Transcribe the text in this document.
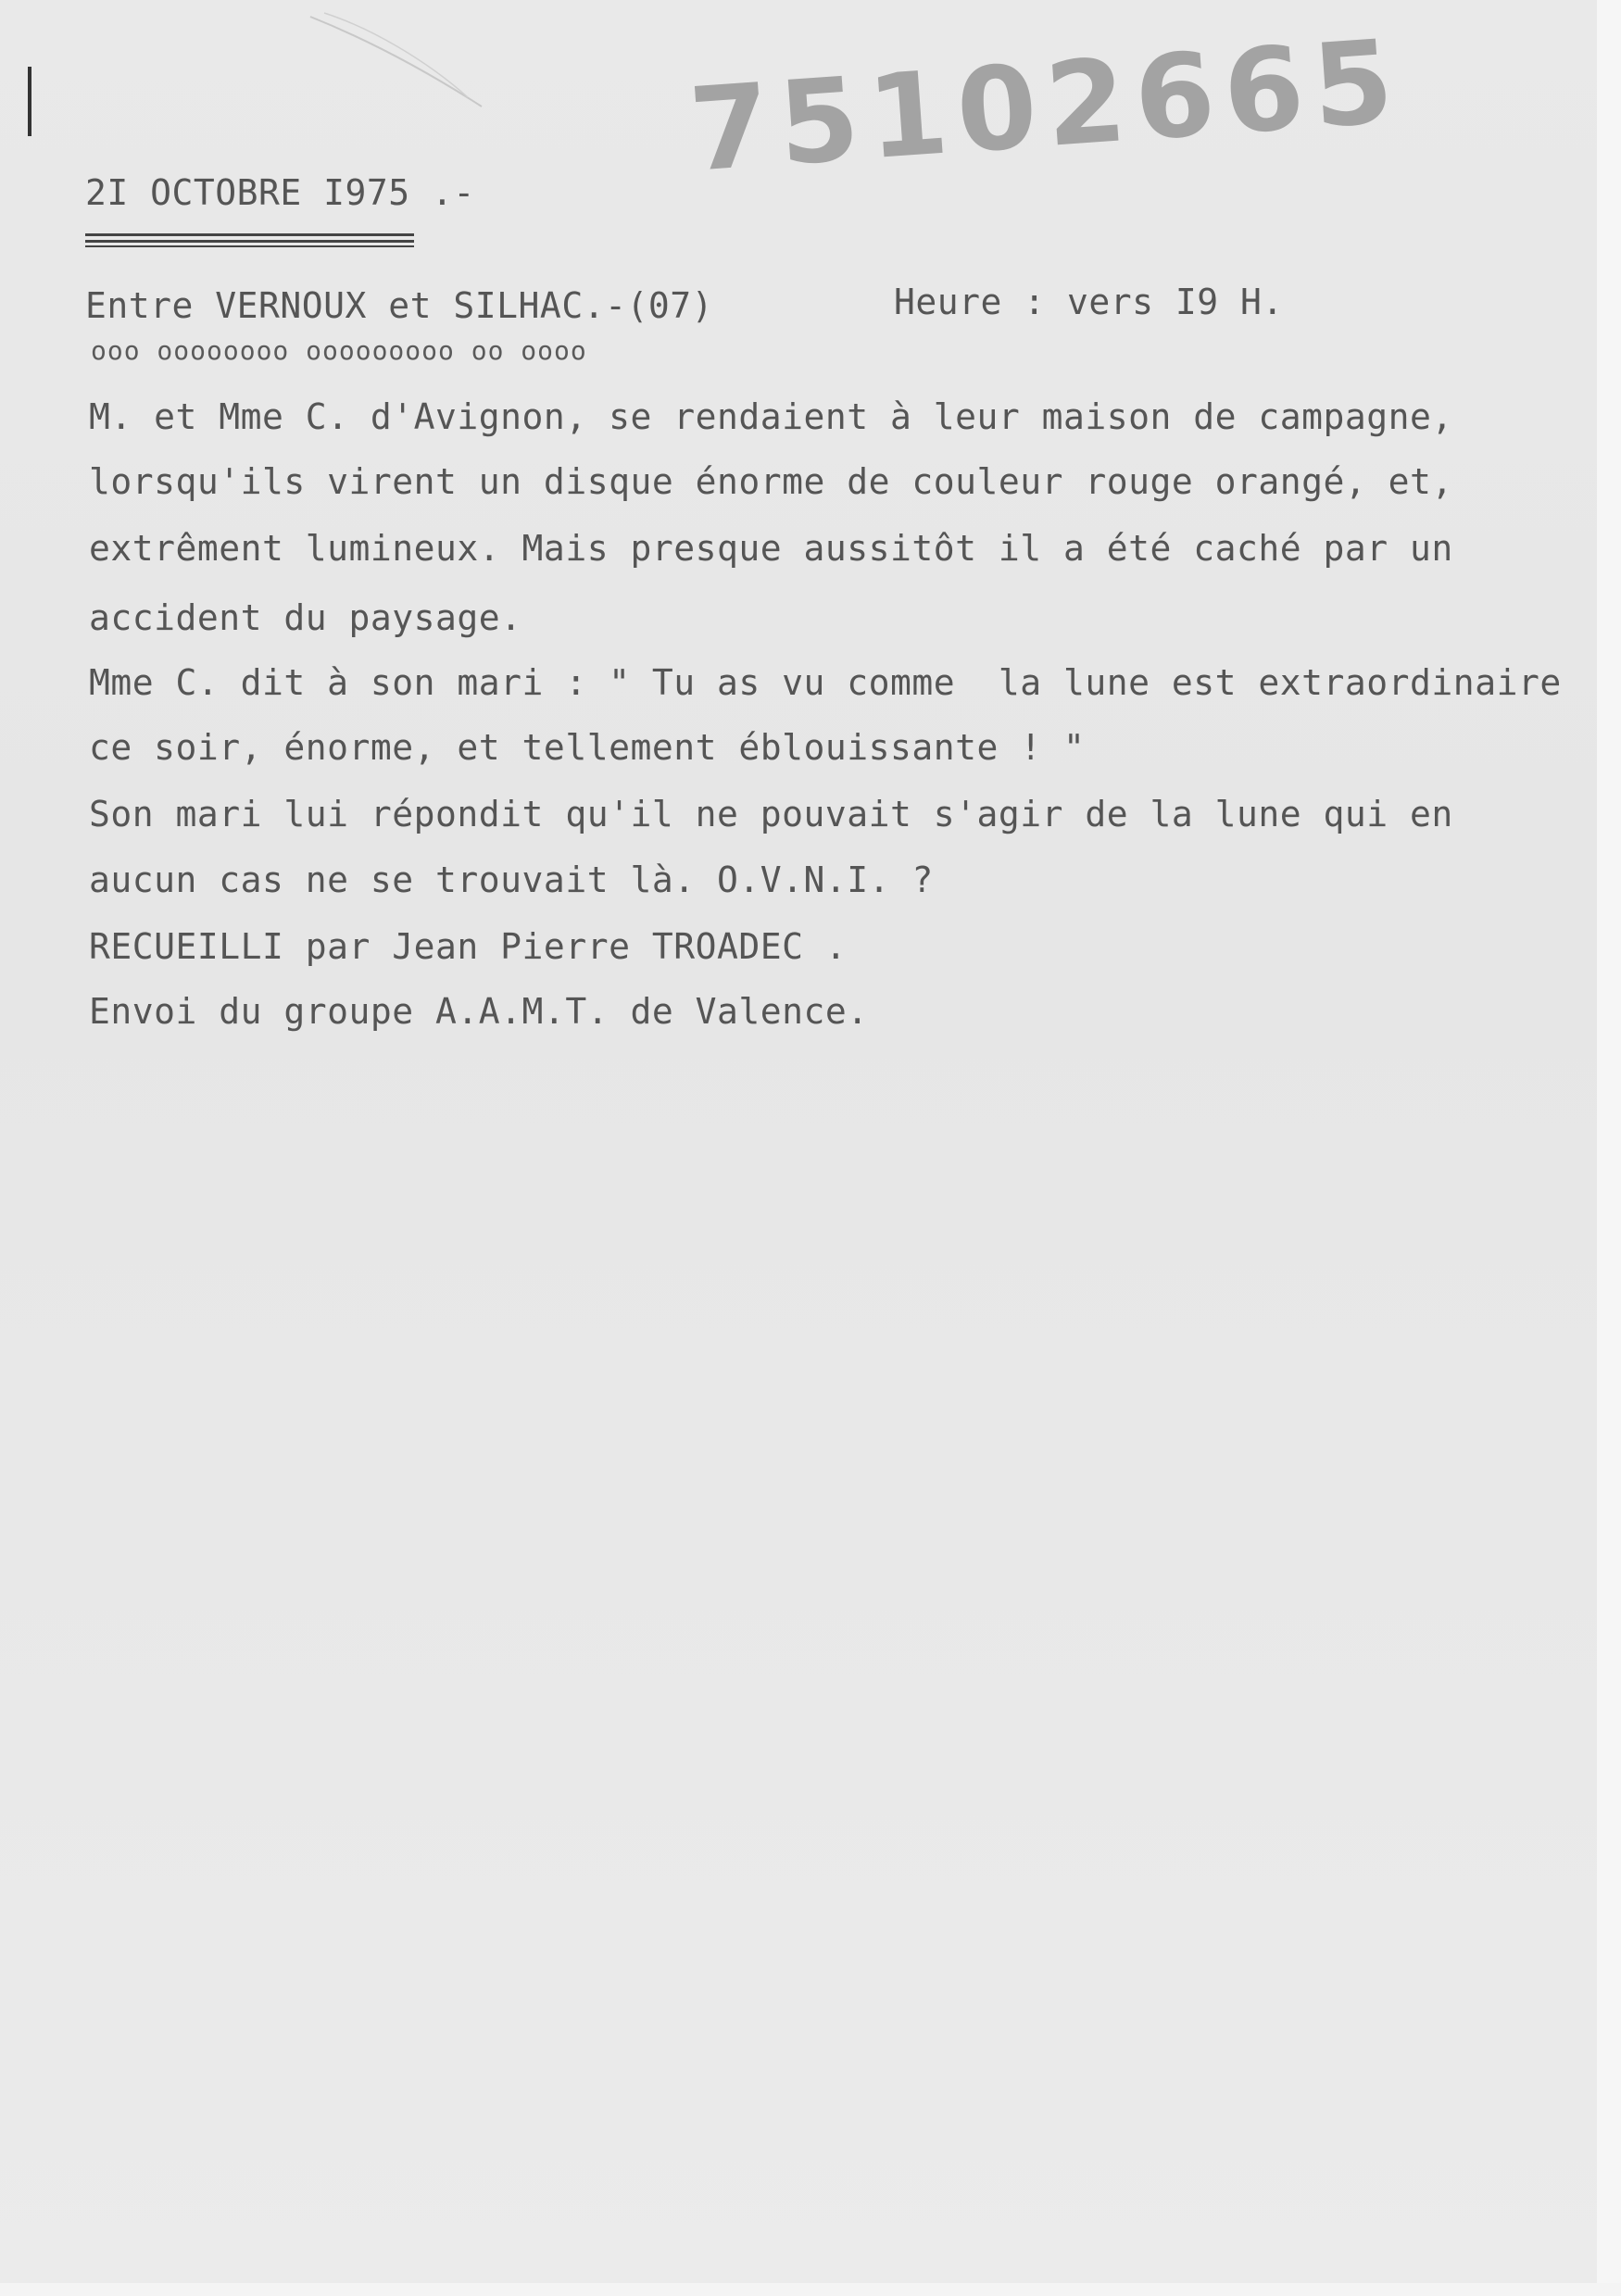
75102665
2I OCTOBRE I975 .-
Entre VERNOUX et SILHAC.-(07)	Heure : vers I9 H.
ooo oooooooo ooooooooo oo oooo
M. et Mme C. d'Avignon, se rendaient à leur maison de campagne,
lorsqu'ils virent un disque énorme de couleur rouge orangé, et,
extrêment lumineux. Mais presque aussitôt il a été caché par un
accident du paysage.
Mme C. dit à son mari : " Tu as vu comme  la lune est extraordinaire
ce soir, énorme, et tellement éblouissante ! "
Son mari lui répondit qu'il ne pouvait s'agir de la lune qui en
aucun cas ne se trouvait là. O.V.N.I. ?
RECUEILLI par Jean Pierre TROADEC .
Envoi du groupe A.A.M.T. de Valence.
